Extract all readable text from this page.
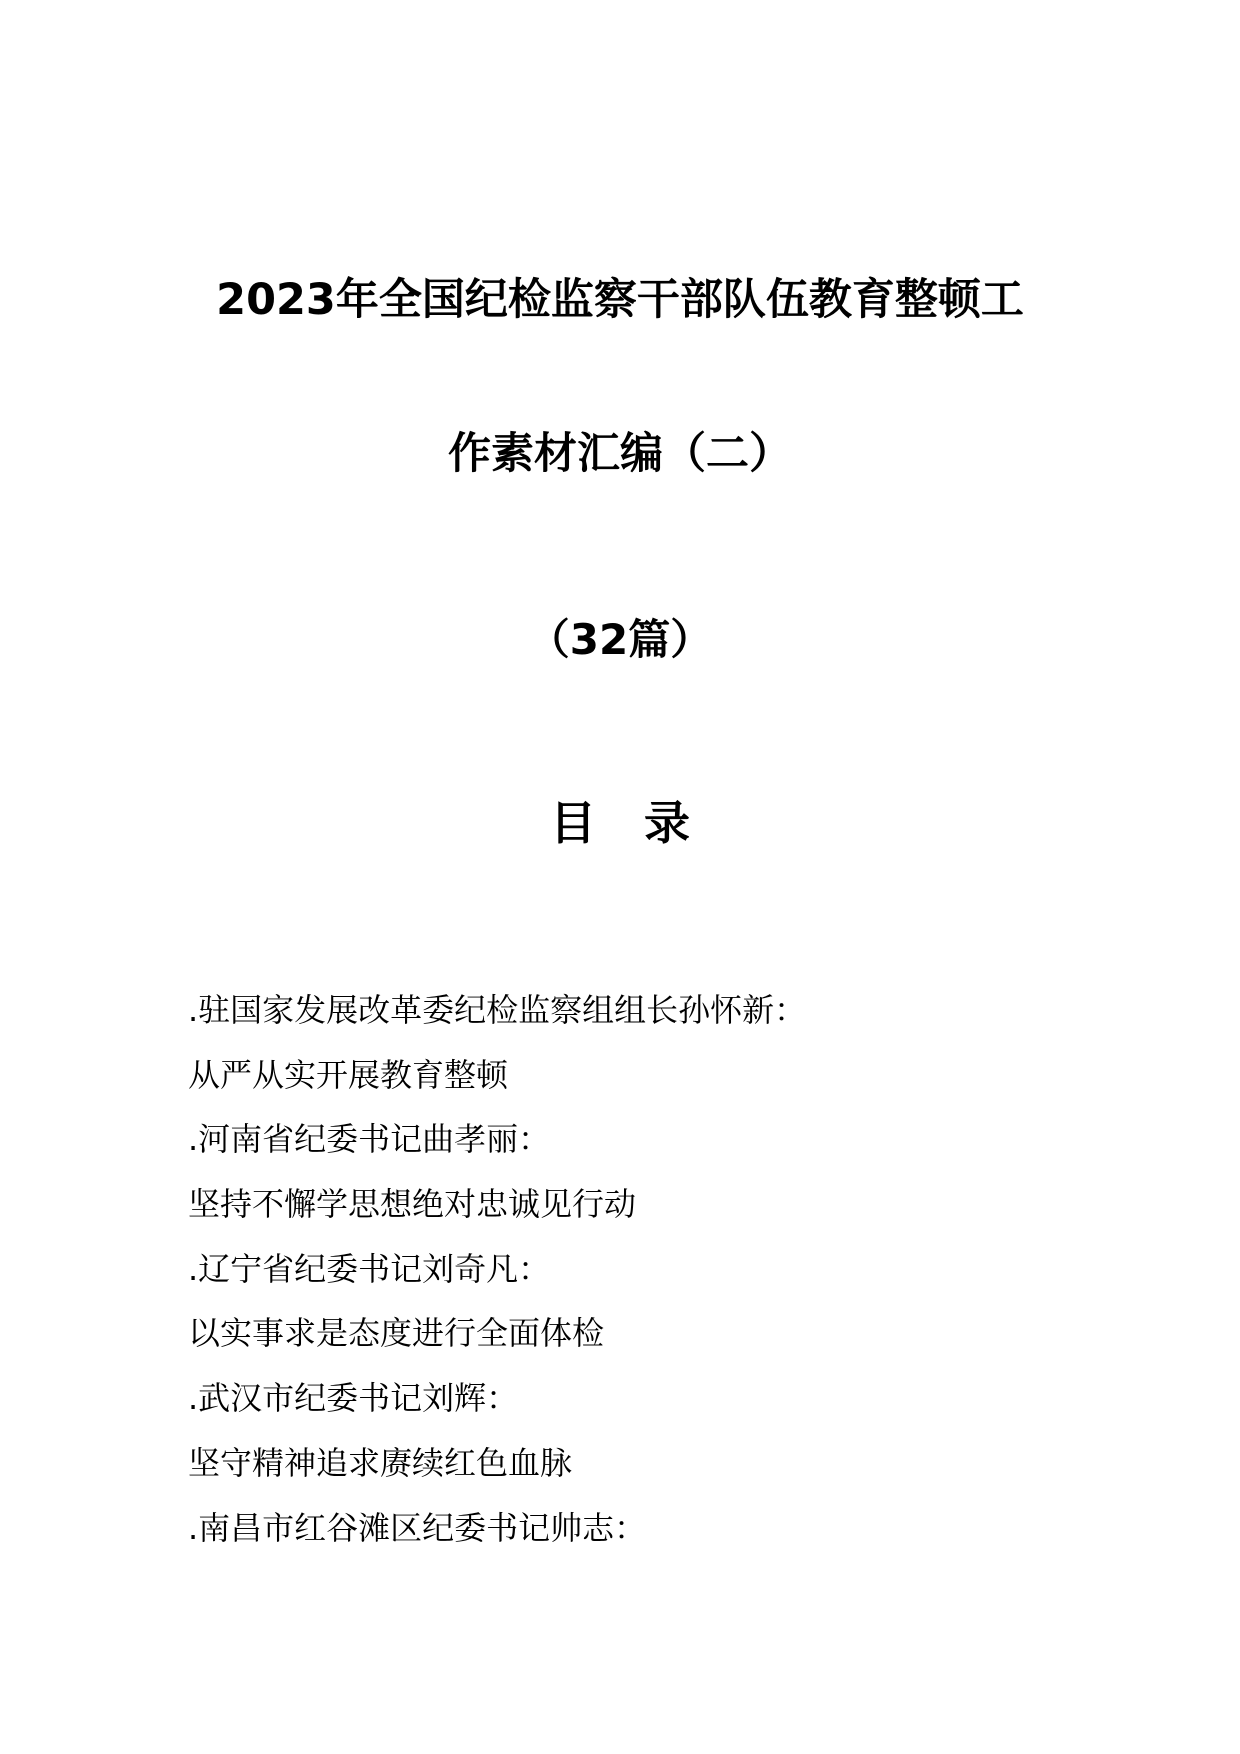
2023年全国纪检监察干部队伍教育整顿工
作素材汇编（二）
（32篇）
目录
.驻国家发展改革委纪检监察组组长孙怀新：
从严从实开展教育整顿
.河南省纪委书记曲孝丽：
坚持不懈学思想绝对忠诚见行动
.辽宁省纪委书记刘奇凡：
以实事求是态度进行全面体检
.武汉市纪委书记刘辉：
坚守精神追求赓续红色血脉
.南昌市红谷滩区纪委书记帅志：
